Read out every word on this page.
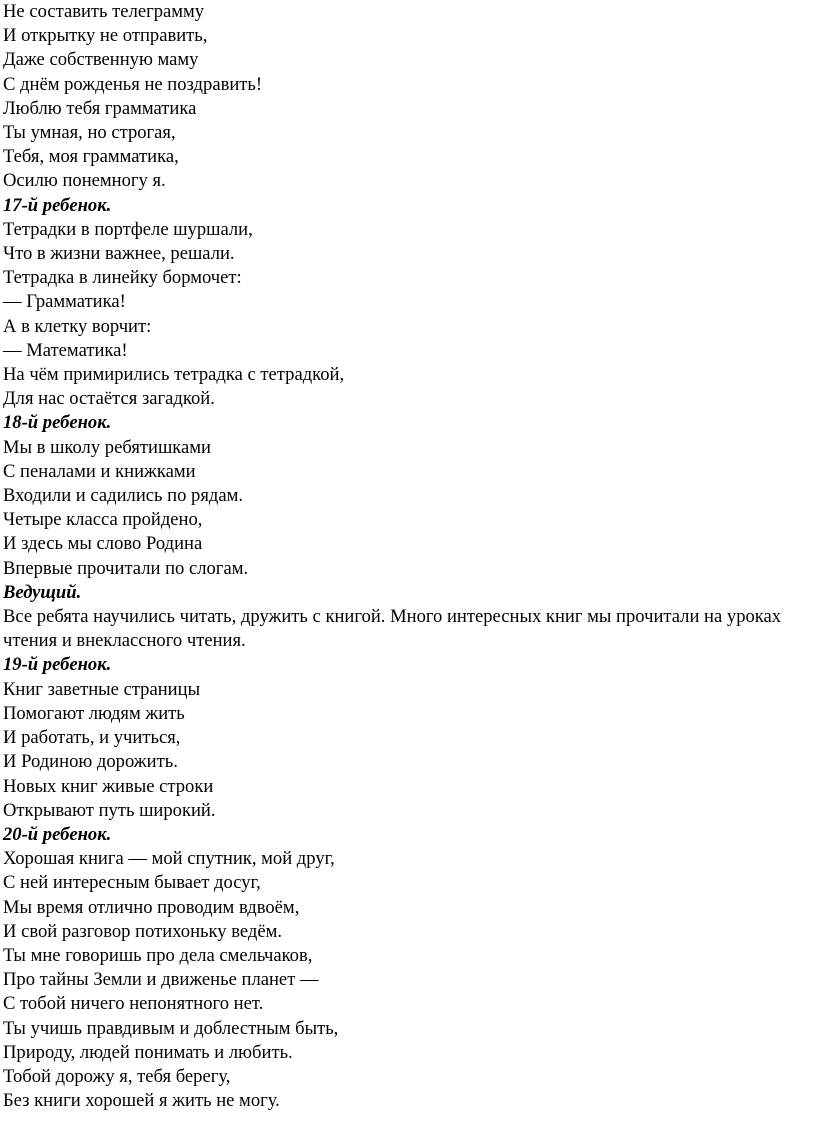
Не составить телеграмму
И открытку не отправить,
Даже собственную маму
С днём рожденья не поздравить!
Люблю тебя грамматика
Ты умная, но строгая,
Тебя, моя грамматика,
Осилю понемногу я.
17-й ребенок.
Тетрадки в портфеле шуршали,
Что в жизни важнее, решали.
Тетрадка в линейку бормочет:
— Грамматика!
А в клетку ворчит:
— Математика!
На чём примирились тетрадка с тетрадкой,
Для нас остаётся загадкой.
18-й ребенок.
Мы в школу ребятишками
С пеналами и книжками
Входили и садились по рядам.
Четыре класса пройдено,
И здесь мы слово Родина
Впервые прочитали по слогам.
Ведущий.
Все ребята научились читать, дружить с книгой. Много интересных книг мы прочитали на уроках чтения и внеклассного чтения.
19-й ребенок.
Книг заветные страницы
Помогают людям жить
И работать, и учиться,
И Родиною дорожить.
Новых книг живые строки
Открывают путь широкий.
20-й ребенок.
Хорошая книга — мой спутник, мой друг,
С ней интересным бывает досуг,
Мы время отлично проводим вдвоём,
И свой разговор потихоньку ведём.
Ты мне говоришь про дела смельчаков,
Про тайны Земли и движенье планет —
С тобой ничего непонятного нет.
Ты учишь правдивым и доблестным быть,
Природу, людей понимать и любить.
Тобой дорожу я, тебя берегу,
Без книги хорошей я жить не могу.
